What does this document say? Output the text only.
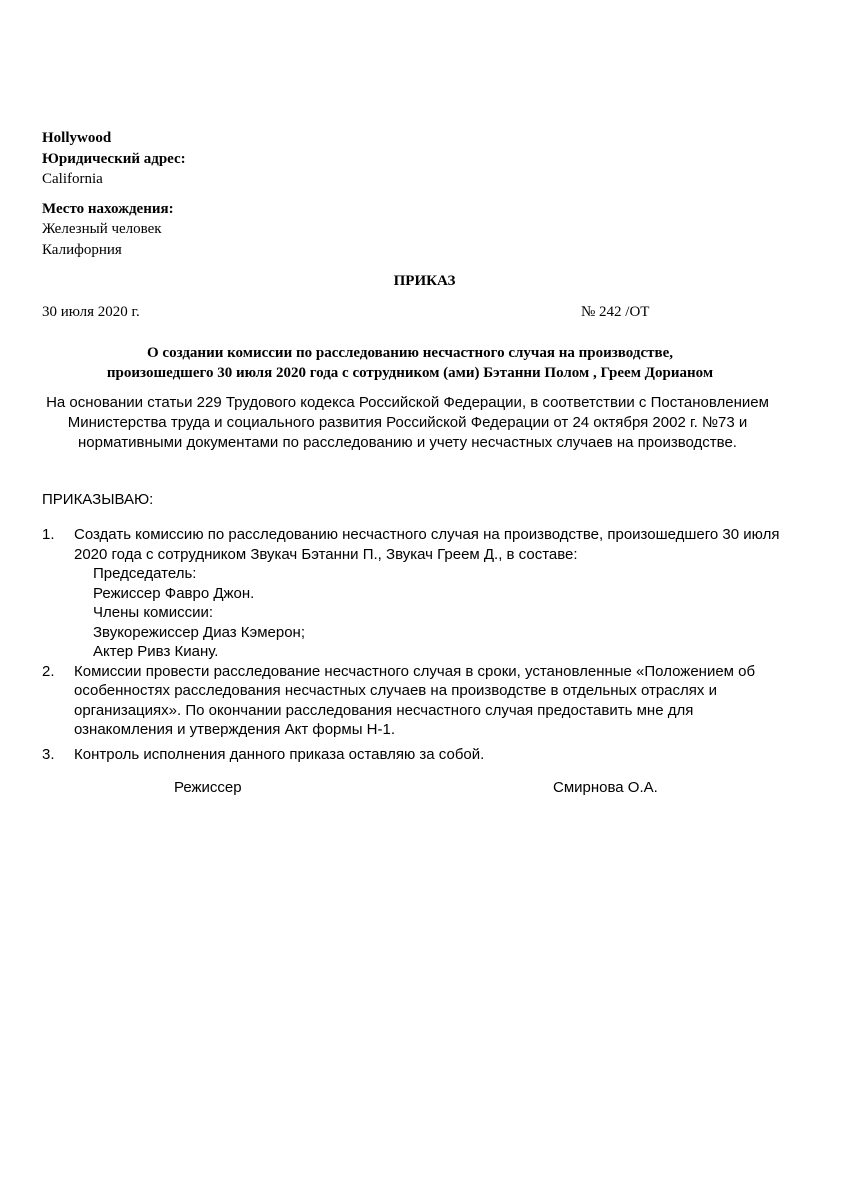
Hollywood
Юридический адрес:
California
Место нахождения:
Железный человек
Калифорния
ПРИКАЗ
30 июля 2020 г.	№ 242 /ОТ
О создании комиссии по расследованию несчастного случая на производстве,
произошедшего 30 июля 2020 года с сотрудником (ами) Бэтанни Полом , Греем Дорианом
На основании статьи 229 Трудового кодекса Российской Федерации, в соответствии с Постановлением Министерства труда и социального развития Российской Федерации от 24 октября 2002 г. №73 и нормативными документами по расследованию и учету несчастных случаев на производстве.
ПРИКАЗЫВАЮ:
1. Создать комиссию по расследованию несчастного случая на производстве, произошедшего 30 июля 2020 года с сотрудником Звукач Бэтанни П., Звукач Греем Д., в составе:
Председатель:
Режиссер Фавро Джон.
Члены комиссии:
Звукорежиссер Диаз Кэмерон;
Актер Ривз Киану.
2. Комиссии провести расследование несчастного случая в сроки, установленные «Положением об особенностях расследования несчастных случаев на производстве в отдельных отраслях и организациях». По окончании расследования несчастного случая предоставить мне для ознакомления и утверждения Акт формы Н-1.
3. Контроль исполнения данного приказа оставляю за собой.
Режиссер	Смирнова О.А.
